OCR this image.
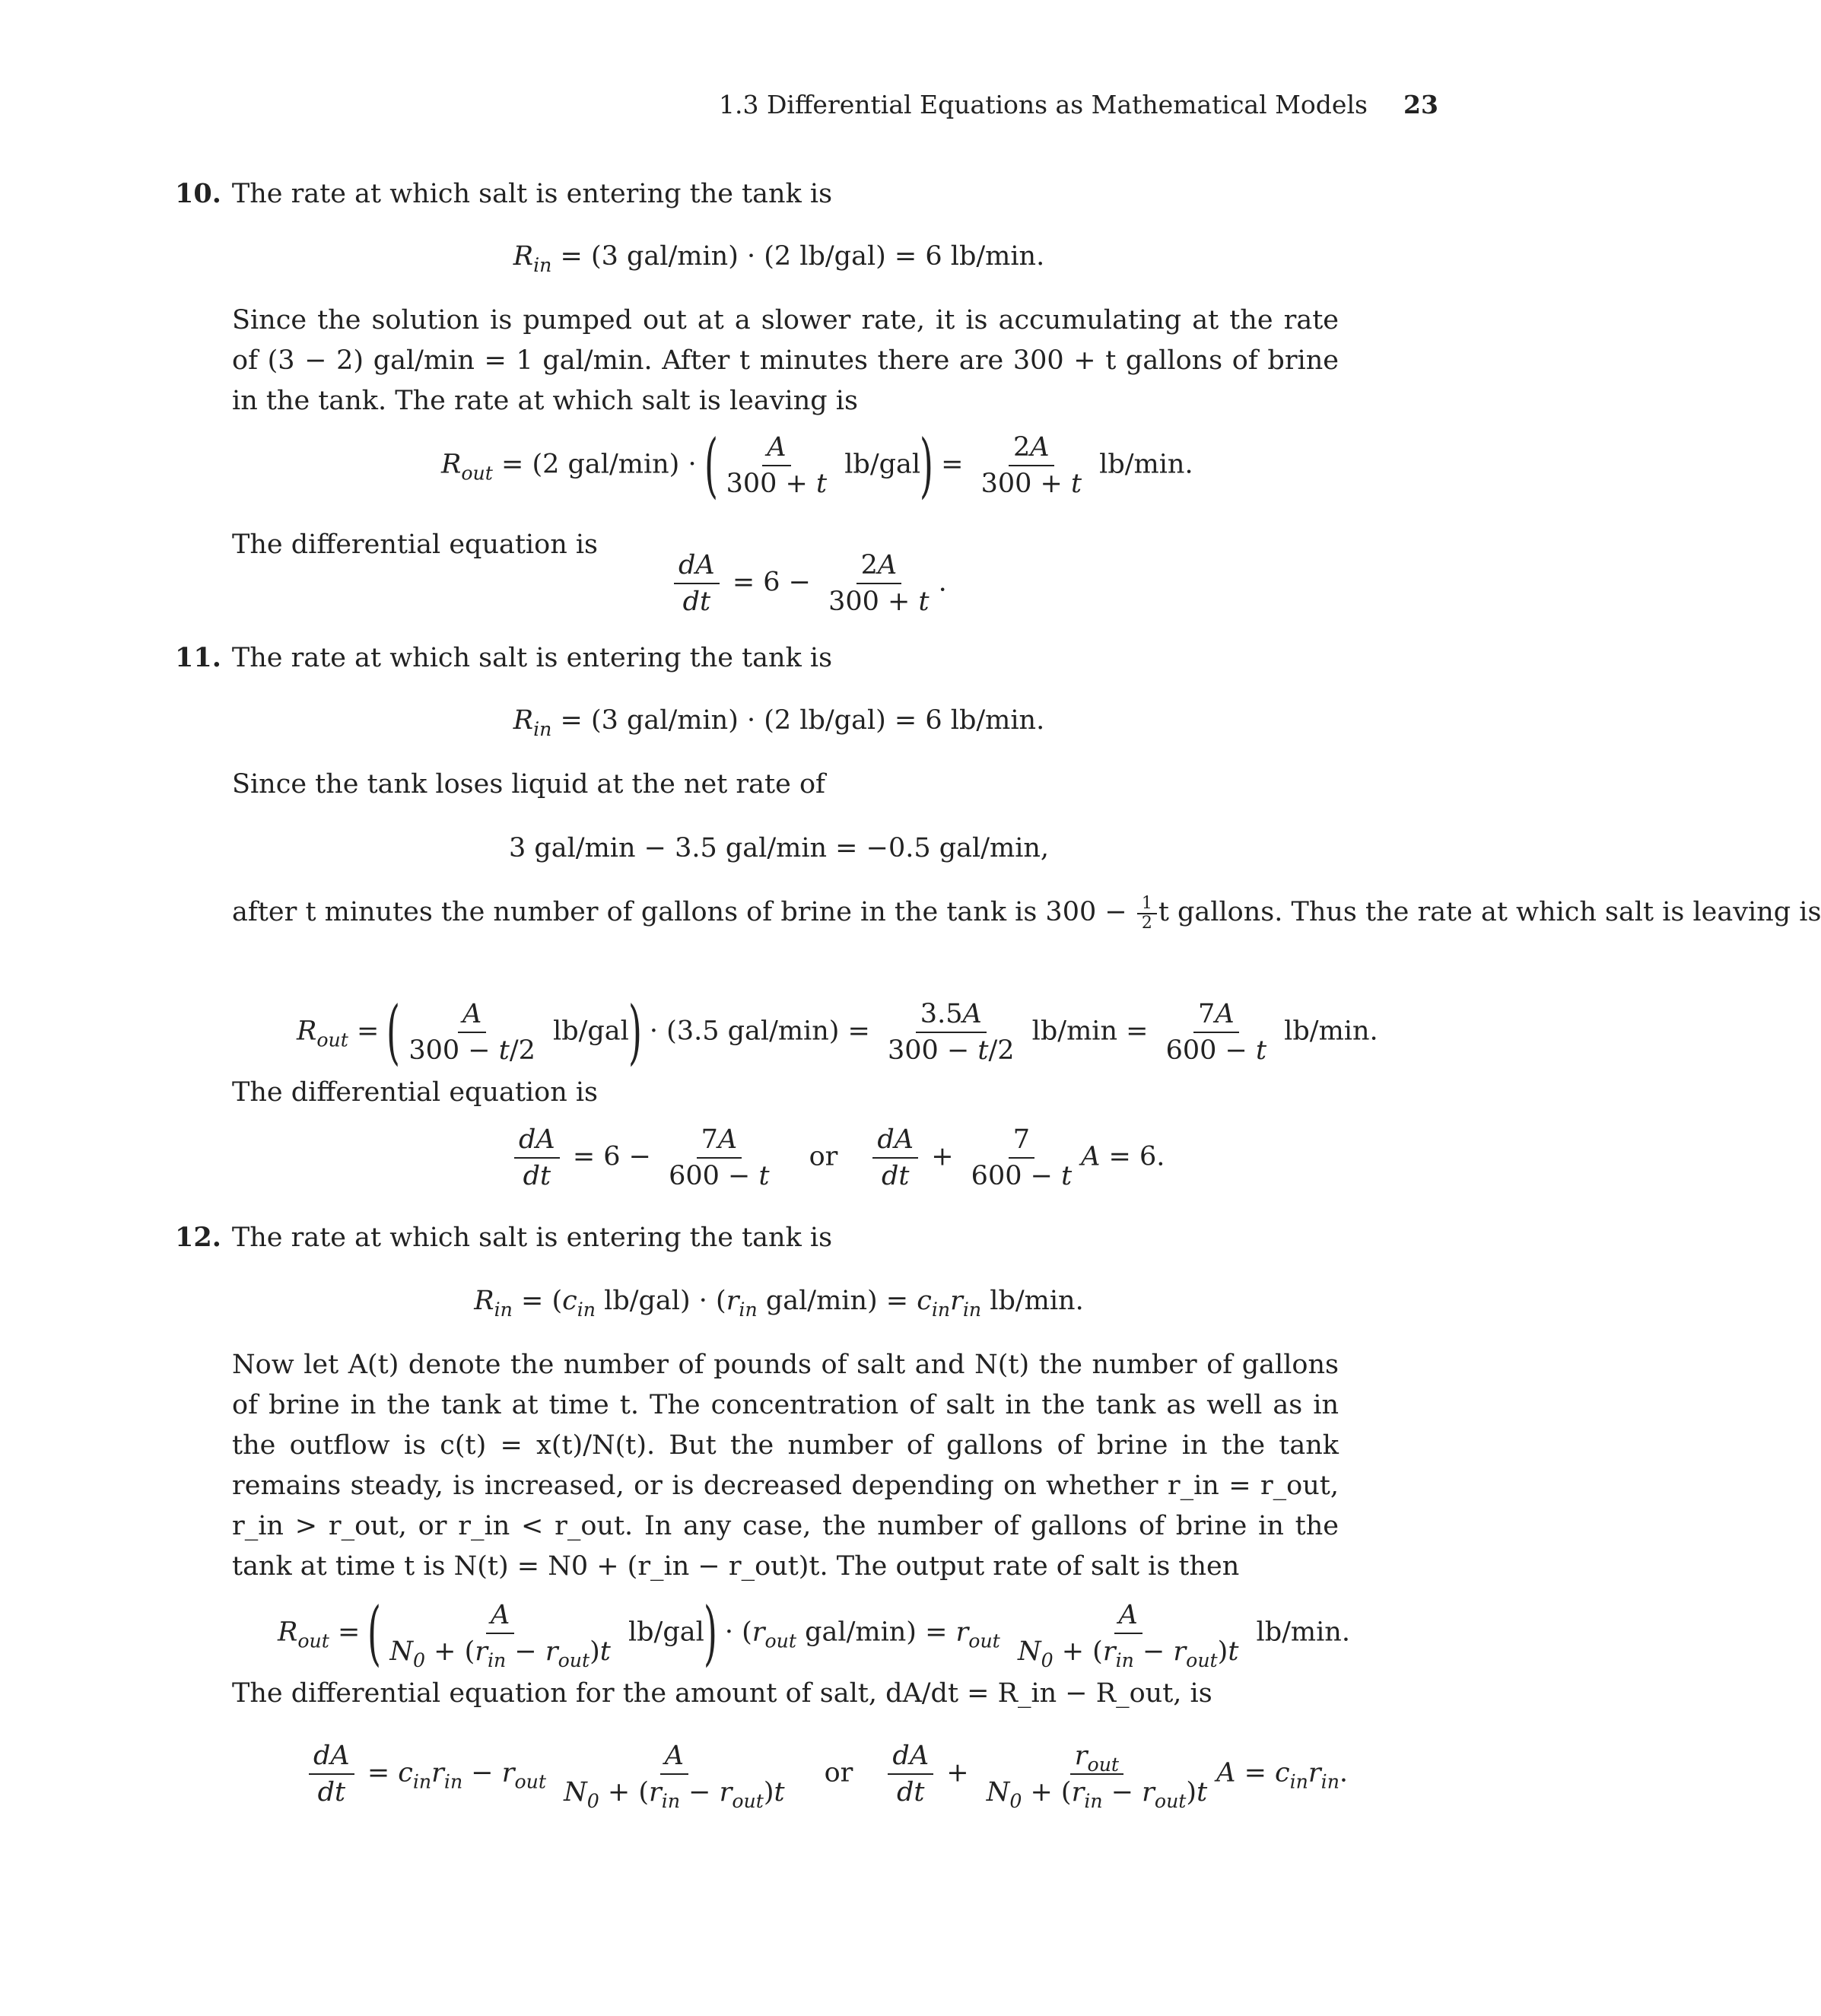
1.3 Differential Equations as Mathematical Models 23
10. The rate at which salt is entering the tank is
$R_{in} = (3$ gal/min) · (2 lb/gal) = 6 lb/min.
Since the solution is pumped out at a slower rate, it is accumulating at the rate of (3 − 2) gal/min = 1 gal/min. After t minutes there are 300 + t gallons of brine in the tank. The rate at which salt is leaving is
$R_{out} = (2$ gal/min) · ( $\frac{A}{300 + t} lb/gal) = \frac{2A}{300 + t} lb/\min$.
The differential equation is
$\frac{dA}{dt} = 6 - \frac{2A}{300 + t}$ .
11. The rate at which salt is entering the tank is
$R_{in} = (3$ gal/min) · (2 lb/gal) = 6 lb/min.
Since the tank loses liquid at the net rate of
3 gal/min − 3.5 gal/min = −0.5 gal/min,
after t minutes the number of gallons of brine in the tank is $300 - \frac{1}{2}$ t gallons. Thus the rate at which salt is leaving is
$R_{out}$ = ( $\frac{A}{300 - t/2} lb/gal) \cdot (3.5$ $gal/\min) = \frac{3.5A}{300 - t/2} lb/\min = \frac{7A}{600 - t} lb/\min$.
The differential equation is
$\frac{dA}{dt} = 6 - \frac{7A}{600 - t}$ or $\frac{dA}{dt} + \frac{7}{600 - t}$ A = 6.
12. The rate at which salt is entering the tank is
$R_{in} = (c_{in}$ $lb/gal) \cdot (r_{in}$ $gal/\min) = c_{in}r_{in}$ lb/min.
Now let A(t) denote the number of pounds of salt and N(t) the number of gallons of brine in the tank at time t. The concentration of salt in the tank as well as in the outflow is c(t) = x(t)/N(t). But the number of gallons of brine in the tank remains steady, is increased, or is decreased depending on whether r_in = r_out, r_in > r_out, or r_in < r_out. In any case, the number of gallons of brine in the tank at time t is N(t) = N0 + (r_in − r_out)t. The output rate of salt is then
$R_{out}$ = ( $\frac{A}{N_0 + (r_{in} - r_{out})t} lb/gal) \cdot (r_{out}$ $gal/\min) = r_{out} \frac{A}{N_0 + (r_{in} - r_{out})t} lb/\min$.
The differential equation for the amount of salt, dA/dt = R_in − R_out, is
$\frac{dA}{dt} = c_{in}r_{in} - r_{out} \frac{A}{N_0 + (r_{in} - r_{out})t}$ or $\frac{dA}{dt} + \frac{r_{out}}{N_0 + (r_{in} - r_{out})t}$ $A = c_{in}r_{in}$.
